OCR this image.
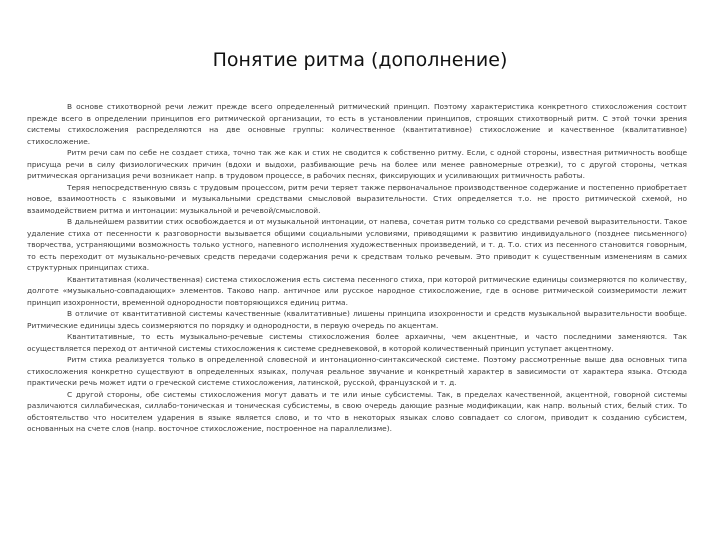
Понятие ритма (дополнение)

В основе стихотворной речи лежит прежде всего определенный ритмический принцип. Поэтому характеристика конкретного стихосложения состоит прежде всего в определении принципов его ритмической организации, то есть в установлении принципов, строящих стихотворный ритм. С этой точки зрения системы стихосложения распределяются на две основные группы: количественное (квантитативное) стихосложение и качественное (квалитативное) стихосложение.

Ритм речи сам по себе не создает стиха, точно так же как и стих не сводится к собственно ритму. Если, с одной стороны, известная ритмичность вообще присуща речи в силу физиологических причин (вдохи и выдохи, разбивающие речь на более или менее равномерные отрезки), то с другой стороны, четкая ритмическая организация речи возникает напр. в трудовом процессе, в рабочих песнях, фиксирующих и усиливающих ритмичность работы.

Теряя непосредственную связь с трудовым процессом, ритм речи теряет также первоначальное производственное содержание и постепенно приобретает новое, взаимоотность с языковыми и музыкальными средствами смысловой выразительности. Стих определяется т.о. не просто ритмической схемой, но взаимодействием ритма и интонации: музыкальной и речевой/смысловой.

В дальнейшем развитии стих освобождается и от музыкальной интонации, от напева, сочетая ритм только со средствами речевой выразительности. Такое удаление стиха от песенности к разговорности вызывается общими социальными условиями, приводящими к развитию индивидуального (позднее письменного) творчества, устраняющими возможность только устного, напевного исполнения художественных произведений, и т. д. Т.о. стих из песенного становится говорным, то есть переходит от музыкально-речевых средств передачи содержания речи к средствам только речевым. Это приводит к существенным изменениям в самих структурных принципах стиха.

Квантитативная (количественная) система стихосложения есть система песенного стиха, при которой ритмические единицы соизмеряются по количеству, долготе «музыкально-совпадающих» элементов. Таково напр. античное или русское народное стихосложение, где в основе ритмической соизмеримости лежит принцип изохронности, временной однородности повторяющихся единиц ритма.

В отличие от квантитативной системы качественные (квалитативные) лишены принципа изохронности и средств музыкальной выразительности вообще. Ритмические единицы здесь соизмеряются по порядку и однородности, в первую очередь по акцентам.

Квантитативные, то есть музыкально-речевые системы стихосложения более архаичны, чем акцентные, и часто последними заменяются. Так осуществляется переход от античной системы стихосложения к системе средневековой, в которой количественный принцип уступает акцентному.

Ритм стиха реализуется только в определенной словесной и интонационно-синтаксической системе. Поэтому рассмотренные выше два основных типа стихосложения конкретно существуют в определенных языках, получая реальное звучание и конкретный характер в зависимости от характера языка. Отсюда практически речь может идти о греческой системе стихосложения, латинской, русской, французской и т. д.

С другой стороны, обе системы стихосложения могут давать и те или иные субсистемы. Так, в пределах качественной, акцентной, говорной системы различаются силлабическая, силлабо-тоническая и тоническая субсистемы, в свою очередь дающие разные модификации, как напр. вольный стих, белый стих. То обстоятельство что носителем ударения в языке является слово, и то что в некоторых языках слово совпадает со слогом, приводит к созданию субсистем, основанных на счете слов (напр. восточное стихосложение, построенное на параллелизме).
